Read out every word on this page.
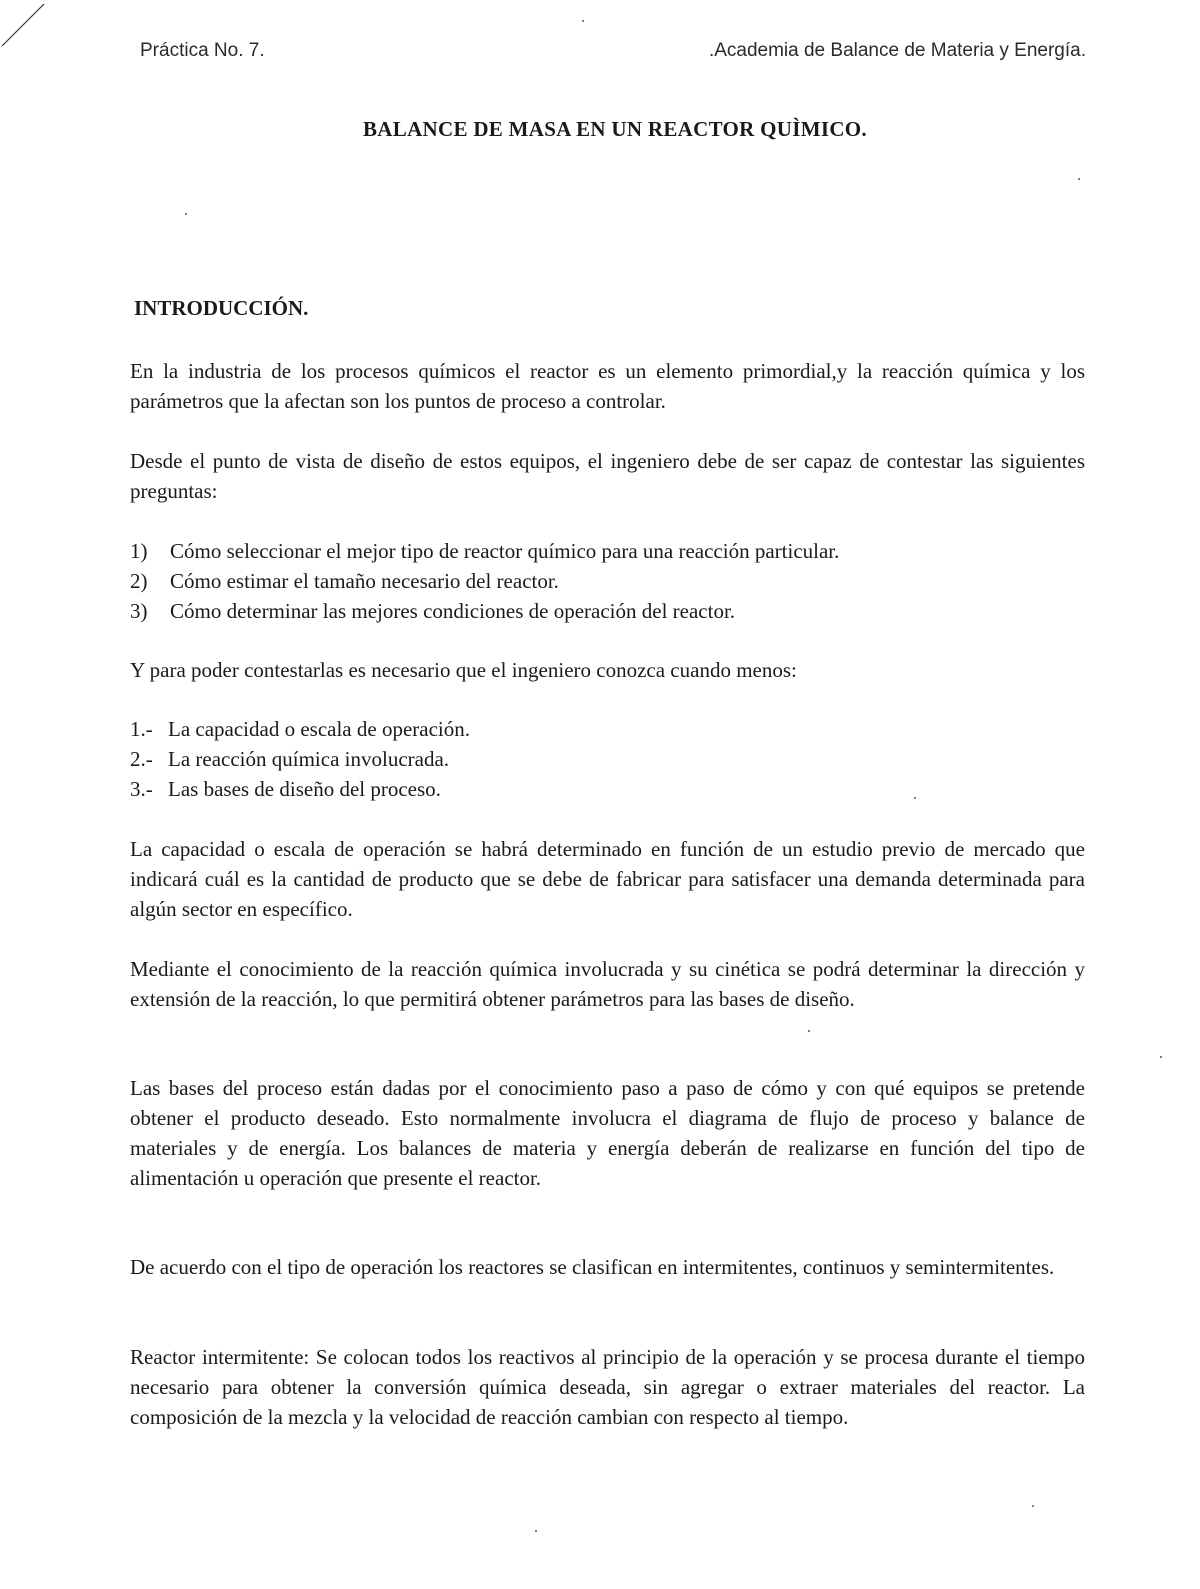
Práctica No. 7.	.Academia de Balance de Materia y Energía.
BALANCE DE MASA EN UN REACTOR QUÌMICO.
INTRODUCCIÓN.

En la industria de los procesos químicos el reactor es un elemento primordial,y la reacción química y los parámetros que la afectan son los puntos de proceso a controlar.

Desde el punto de vista de diseño de estos equipos, el ingeniero debe de ser capaz de contestar las siguientes preguntas:

1)	Cómo seleccionar el mejor tipo de reactor químico para una reacción particular.
2)	Cómo estimar el tamaño necesario del reactor.
3)	Cómo determinar las mejores condiciones de operación del reactor.

Y para poder contestarlas es necesario que el ingeniero conozca cuando menos:

1.- La capacidad o escala de operación.
2.- La reacción química involucrada.
3.- Las bases de diseño del proceso.

La capacidad o escala de operación se habrá determinado en función de un estudio previo de mercado que indicará cuál es la cantidad de producto que se debe de fabricar para satisfacer una demanda determinada para algún sector en específico.

Mediante el conocimiento de la reacción química involucrada y su cinética se podrá determinar la dirección y extensión de la reacción, lo que permitirá obtener parámetros para las bases de diseño.

Las bases del proceso están dadas por el conocimiento paso a paso de cómo y con qué equipos se pretende obtener el producto deseado. Esto normalmente involucra el diagrama de flujo de proceso y balance de materiales y de energía. Los balances de materia y energía deberán de realizarse en función del tipo de alimentación u operación que presente el reactor.

De acuerdo con el tipo de operación los reactores se clasifican en intermitentes, continuos y semintermitentes.

Reactor intermitente: Se colocan todos los reactivos al principio de la operación y se procesa durante el tiempo necesario para obtener la conversión química deseada, sin agregar o extraer materiales del reactor. La composición de la mezcla y la velocidad de reacción cambian con respecto al tiempo.
